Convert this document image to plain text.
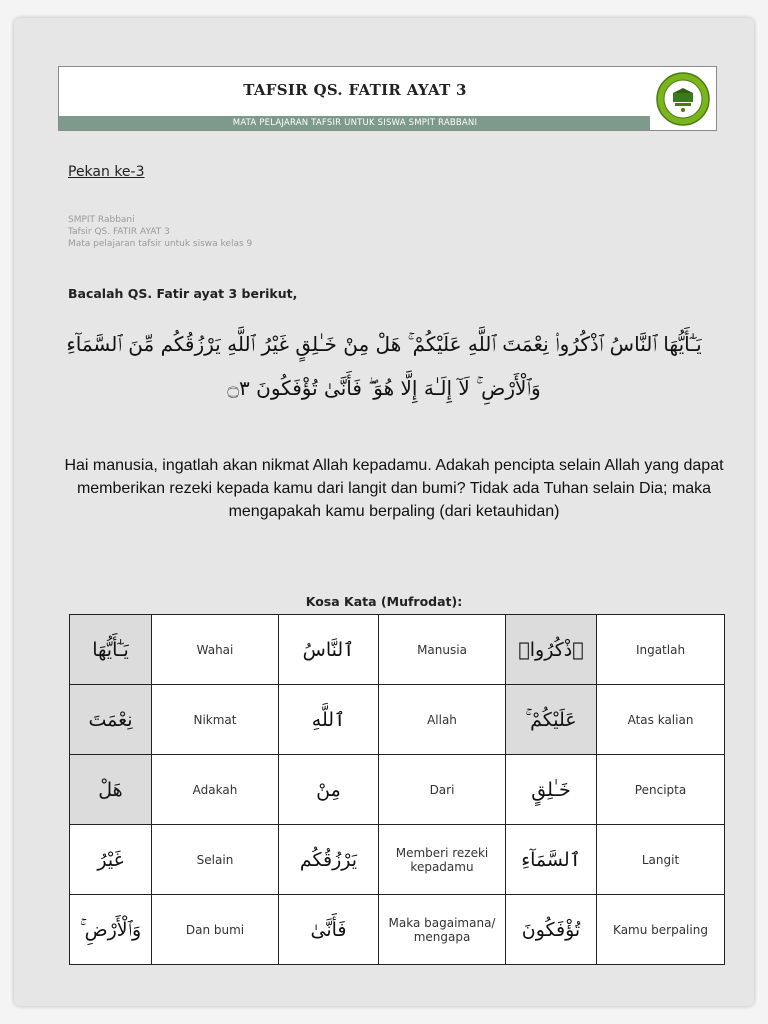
TAFSIR QS. FATIR AYAT 3
MATA PELAJARAN TAFSIR UNTUK SISWA SMPIT RABBANI
Pekan ke-3
SMPIT Rabbani
Tafsir QS. FATIR AYAT 3
Mata pelajaran tafsir untuk siswa kelas 9
Bacalah QS. Fatir ayat 3 berikut,
يَـٰٓأَيُّهَا ٱلنَّاسُ ٱذْكُرُوا۟ نِعْمَتَ ٱللَّهِ عَلَيْكُمْ ۚ هَلْ مِنْ خَـٰلِقٍ غَيْرُ ٱللَّهِ يَرْزُقُكُم مِّنَ ٱلسَّمَآءِ وَٱلْأَرْضِ ۚ لَآ إِلَـٰهَ إِلَّا هُوَ ۖ فَأَنَّىٰ تُؤْفَكُونَ ۝٣
Hai manusia, ingatlah akan nikmat Allah kepadamu. Adakah pencipta selain Allah yang dapat memberikan rezeki kepada kamu dari langit dan bumi? Tidak ada Tuhan selain Dia; maka mengapakah kamu berpaling (dari ketauhidan)
Kosa Kata (Mufrodat):
يَـٰٓأَيُّهَا	Wahai	ٱلنَّاسُ	Manusia	ٱذْكُرُوا۟	Ingatlah
نِعْمَتَ	Nikmat	ٱللَّهِ	Allah	عَلَيْكُمْ ۚ	Atas kalian
هَلْ	Adakah	مِنْ	Dari	خَـٰلِقٍ	Pencipta
غَيْرُ	Selain	يَرْزُقُكُم	Memberi rezeki kepadamu	ٱلسَّمَآءِ	Langit
وَٱلْأَرْضِ ۚ	Dan bumi	فَأَنَّىٰ	Maka bagaimana/ mengapa	تُؤْفَكُونَ	Kamu berpaling
